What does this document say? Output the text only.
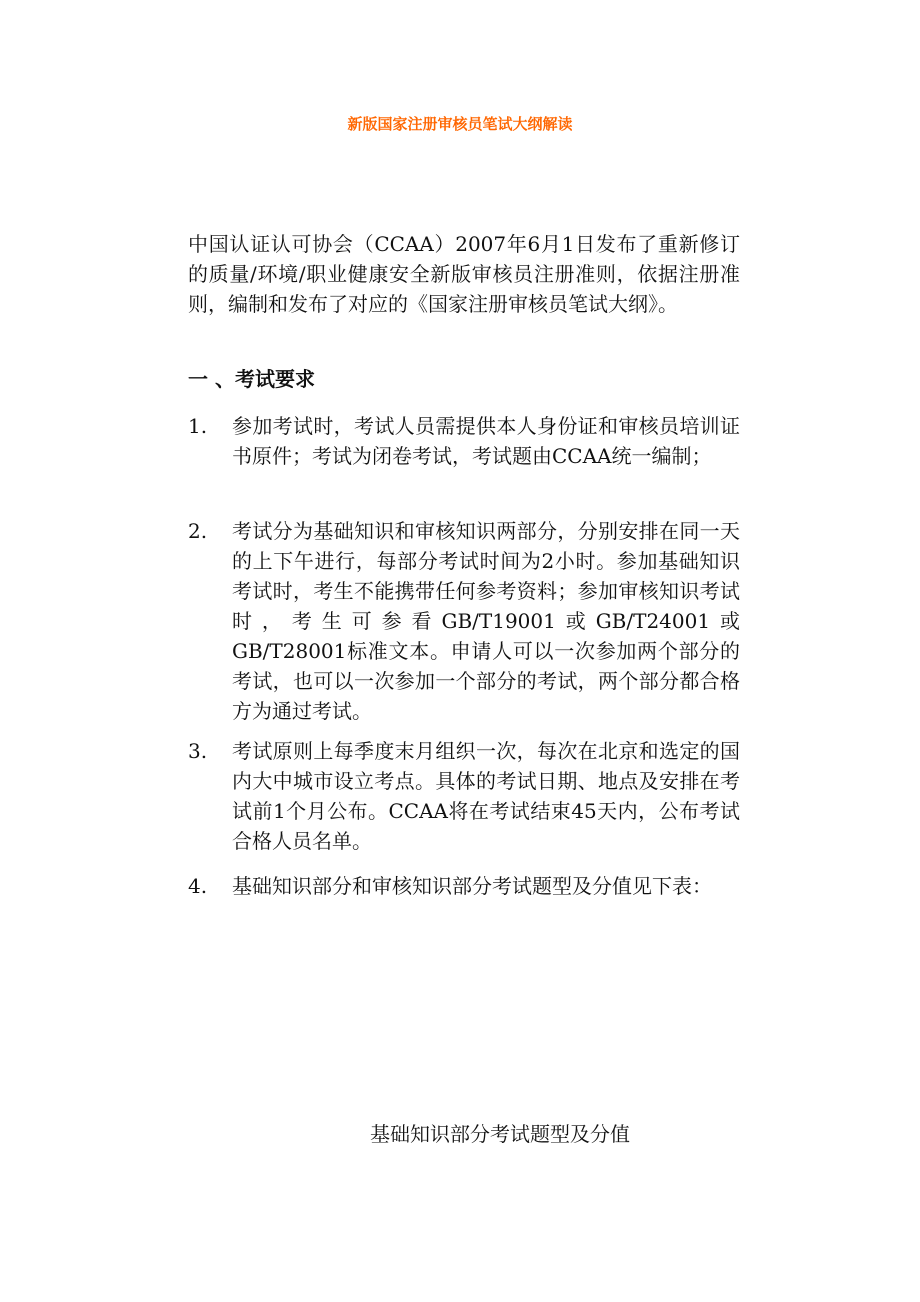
新版国家注册审核员笔试大纲解读
中国认证认可协会（CCAA）2007年6月1日发布了重新修订的质量/环境/职业健康安全新版审核员注册准则，依据注册准则，编制和发布了对应的《国家注册审核员笔试大纲》。
一 、考试要求
1.	参加考试时，考试人员需提供本人身份证和审核员培训证书原件；考试为闭卷考试，考试题由CCAA统一编制；
2.	考试分为基础知识和审核知识两部分，分别安排在同一天的上下午进行，每部分考试时间为2小时。参加基础知识考试时，考生不能携带任何参考资料；参加审核知识考试时，考生可参看GB/T19001或GB/T24001或GB/T28001标准文本。申请人可以一次参加两个部分的考试，也可以一次参加一个部分的考试，两个部分都合格方为通过考试。
3.	考试原则上每季度末月组织一次，每次在北京和选定的国内大中城市设立考点。具体的考试日期、地点及安排在考试前1个月公布。CCAA将在考试结束45天内，公布考试合格人员名单。
4.	基础知识部分和审核知识部分考试题型及分值见下表：
基础知识部分考试题型及分值
